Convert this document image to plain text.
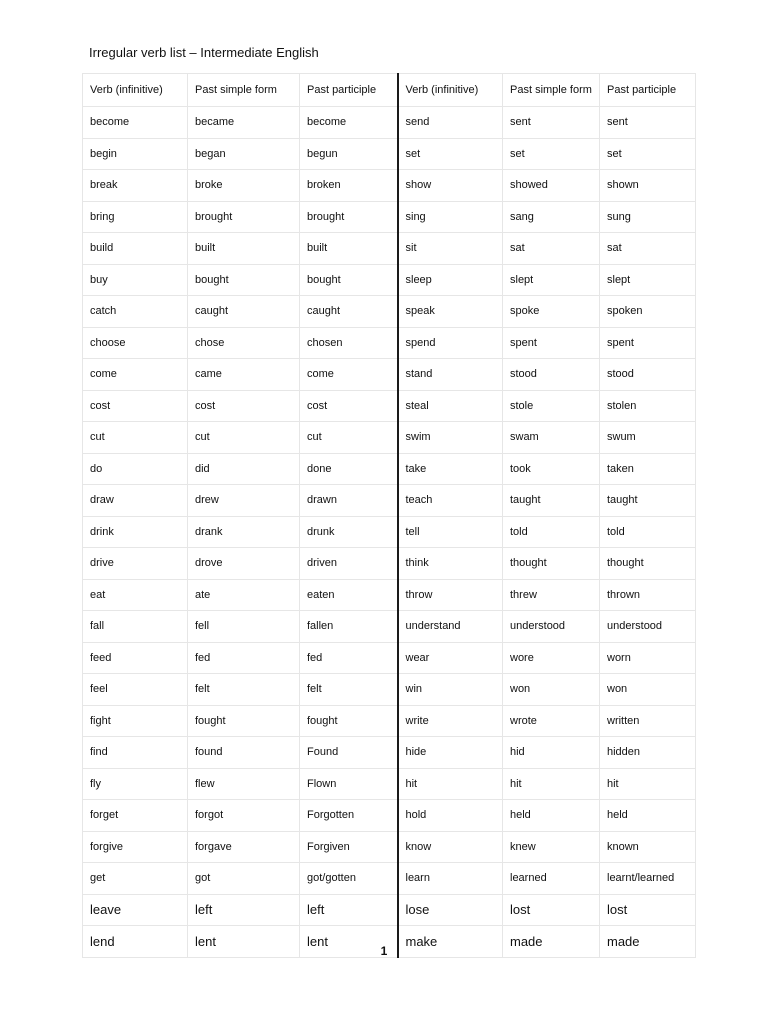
Irregular verb list – Intermediate English
Verb (infinitive)	Past simple form	Past participle	Verb (infinitive)	Past simple form	Past participle
become	became	become	send	sent	sent
begin	began	begun	set	set	set
break	broke	broken	show	showed	shown
bring	brought	brought	sing	sang	sung
build	built	built	sit	sat	sat
buy	bought	bought	sleep	slept	slept
catch	caught	caught	speak	spoke	spoken
choose	chose	chosen	spend	spent	spent
come	came	come	stand	stood	stood
cost	cost	cost	steal	stole	stolen
cut	cut	cut	swim	swam	swum
do	did	done	take	took	taken
draw	drew	drawn	teach	taught	taught
drink	drank	drunk	tell	told	told
drive	drove	driven	think	thought	thought
eat	ate	eaten	throw	threw	thrown
fall	fell	fallen	understand	understood	understood
feed	fed	fed	wear	wore	worn
feel	felt	felt	win	won	won
fight	fought	fought	write	wrote	written
find	found	Found	hide	hid	hidden
fly	flew	Flown	hit	hit	hit
forget	forgot	Forgotten	hold	held	held
forgive	forgave	Forgiven	know	knew	known
get	got	got/gotten	learn	learned	learnt/learned
leave	left	left	lose	lost	lost
lend	lent	lent	make	made	made
1
